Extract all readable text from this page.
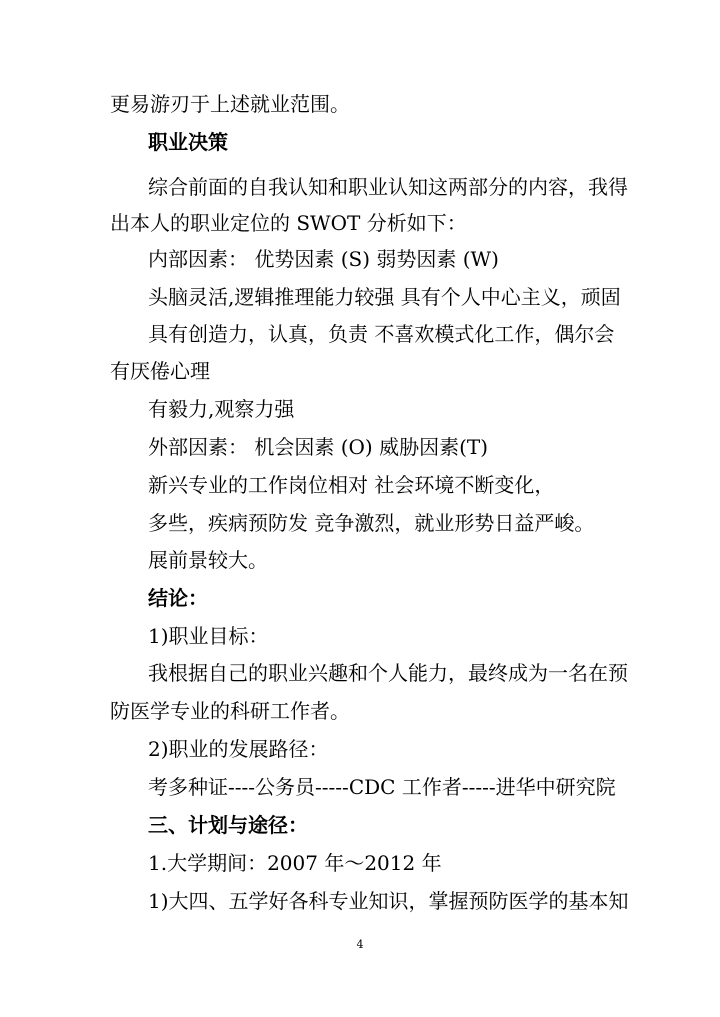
更易游刃于上述就业范围。
职业决策
综合前面的自我认知和职业认知这两部分的内容，我得
出本人的职业定位的 SWOT 分析如下：
内部因素： 优势因素 (S) 弱势因素 (W)
头脑灵活,逻辑推理能力较强 具有个人中心主义，顽固
具有创造力，认真，负责 不喜欢模式化工作，偶尔会
有厌倦心理
有毅力,观察力强
外部因素： 机会因素 (O) 威胁因素(T)
新兴专业的工作岗位相对 社会环境不断变化，
多些，疾病预防发 竞争激烈，就业形势日益严峻。
展前景较大。
结论：
1)职业目标：
我根据自己的职业兴趣和个人能力，最终成为一名在预
防医学专业的科研工作者。
2)职业的发展路径：
考多种证----公务员-----CDC 工作者-----进华中研究院
三、计划与途径：
1.大学期间：2007 年～2012 年
1)大四、五学好各科专业知识，掌握预防医学的基本知
4
